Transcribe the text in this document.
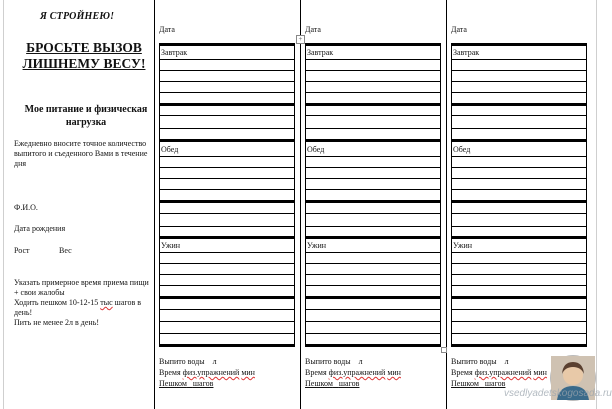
Я СТРОЙНЕЮ!
БРОСЬТЕ ВЫЗОВ ЛИШНЕМУ ВЕСУ!
Мое питание и физическая нагрузка
Ежедневно вносите точное количество выпитого и съеденного Вами в течение дня
Ф.И.О.
Дата рождения
Рост	Вес
Указать примерное время приема пищи + свои жалобы
Ходить пешком 10-12-15 тыс шагов в день!
Пить не менее 2л в день!
+
Дата
Завтрак
Обед
Ужин
Выпито воды л
Время физ.упражнений мин
Пешком шагов
Дата
Завтрак
Обед
Ужин
Выпито воды л
Время физ.упражнений мин
Пешком шагов
Дата
Завтрак
Обед
Ужин
Выпито воды л
Время физ.упражнений мин
Пешком шагов
vsedlyadetskogosada.ru
